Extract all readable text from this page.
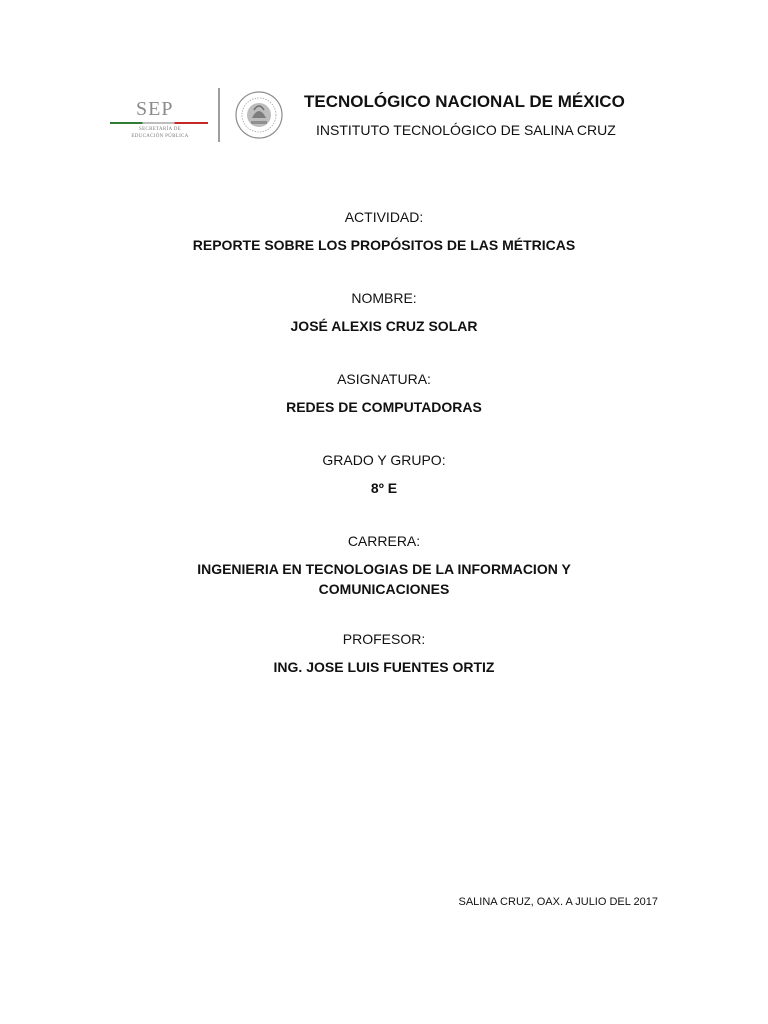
SEP
SECRETARÍA DE
EDUCACIÓN PÚBLICA
TECNOLÓGICO NACIONAL DE MÉXICO
INSTITUTO TECNOLÓGICO DE SALINA CRUZ
ACTIVIDAD:
REPORTE SOBRE LOS PROPÓSITOS DE LAS MÉTRICAS
NOMBRE:
JOSÉ ALEXIS CRUZ SOLAR
ASIGNATURA:
REDES DE COMPUTADORAS
GRADO Y GRUPO:
8º E
CARRERA:
INGENIERIA EN TECNOLOGIAS DE LA INFORMACION Y
COMUNICACIONES
PROFESOR:
ING. JOSE LUIS FUENTES ORTIZ
SALINA CRUZ, OAX. A JULIO DEL 2017
